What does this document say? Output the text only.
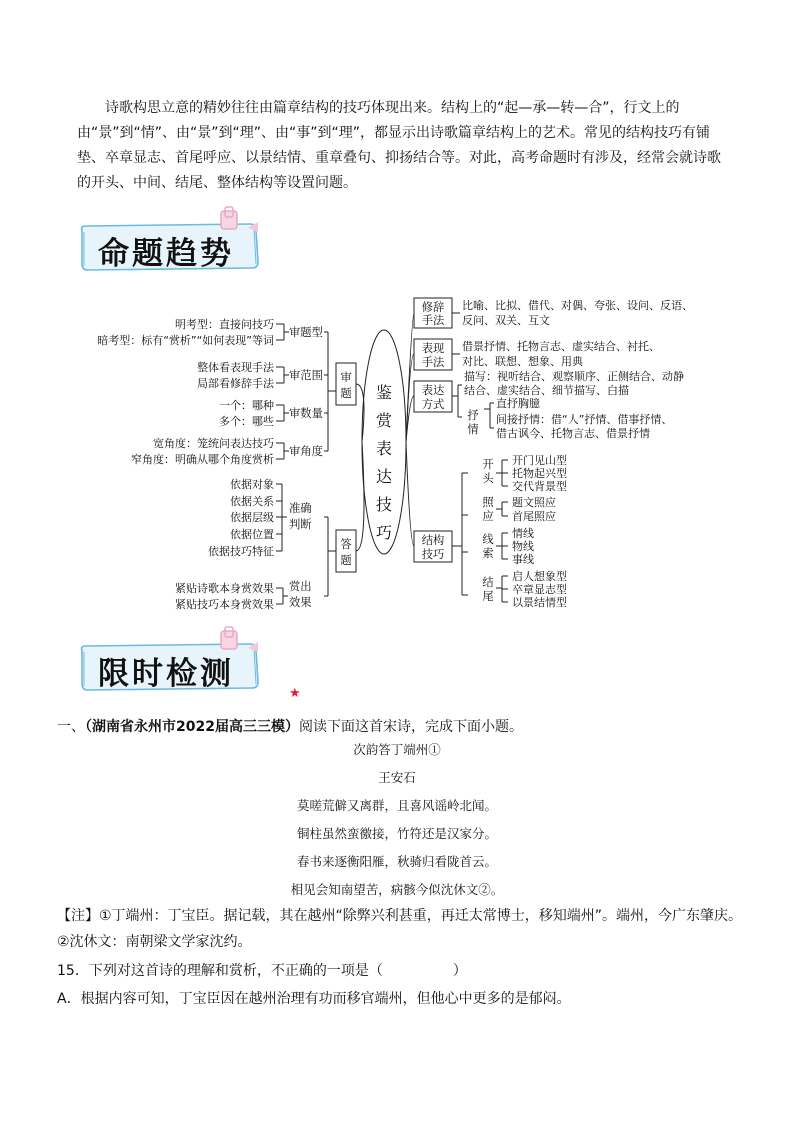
诗歌构思立意的精妙往往由篇章结构的技巧体现出来。结构上的“起—承—转—合”，行文上的由“景”到“情”、由“景”到“理”、由“事”到“理”，都显示出诗歌篇章结构上的艺术。常见的结构技巧有铺垫、卒章显志、首尾呼应、以景结情、重章叠句、抑扬结合等。对此，高考命题时有涉及，经常会就诗歌的开头、中间、结尾、整体结构等设置问题。

命题趋势
鉴
赏
表
达
技
巧
审
题
答
题
审题型
审范围
审数量
审角度
准确
判断
赏出
效果
明考型：直接问技巧
暗考型：标有“赏析”“如何表现”等词
整体看表现手法
局部看修辞手法
一个：哪种
多个：哪些
宽角度：笼统问表达技巧
窄角度：明确从哪个角度赏析
依据对象
依据关系
依据层级
依据位置
依据技巧特征
紧贴诗歌本身赏效果
紧贴技巧本身赏效果
修辞
手法
表现
手法
表达
方式
结构
技巧
比喻、比拟、借代、对偶、夸张、设问、反语、
反问、双关、互文
借景抒情、托物言志、虚实结合、衬托、
对比、联想、想象、用典
描写：视听结合、观察顺序、正侧结合、动静
结合、虚实结合、细节描写、白描
抒
情
直抒胸臆
间接抒情：借“人”抒情、借事抒情、
借古讽今、托物言志、借景抒情
开
头
照
应
线
索
结
尾
开门见山型
托物起兴型
交代背景型
题文照应
首尾照应
情线
物线
事线
启人想象型
卒章显志型
以景结情型
限时检测
★
一、（湖南省永州市2022届高三三模）阅读下面这首宋诗，完成下面小题。
次韵答丁端州①
王安石
莫嗟荒僻又离群，且喜风谣岭北闻。
铜柱虽然蛮徼接，竹符还是汉家分。
春书来逐衡阳雁，秋骑归看陇首云。
相见会知南望苦，病骸今似沈休文②。

【注】①丁端州：丁宝臣。据记载，其在越州“除弊兴利甚重，再迁太常博士，移知端州”。端州，今广东肇庆。②沈休文：南朝梁文学家沈约。

15．下列对这首诗的理解和赏析，不正确的一项是（　　　　　）
A．根据内容可知，丁宝臣因在越州治理有功而移官端州，但他心中更多的是郁闷。
